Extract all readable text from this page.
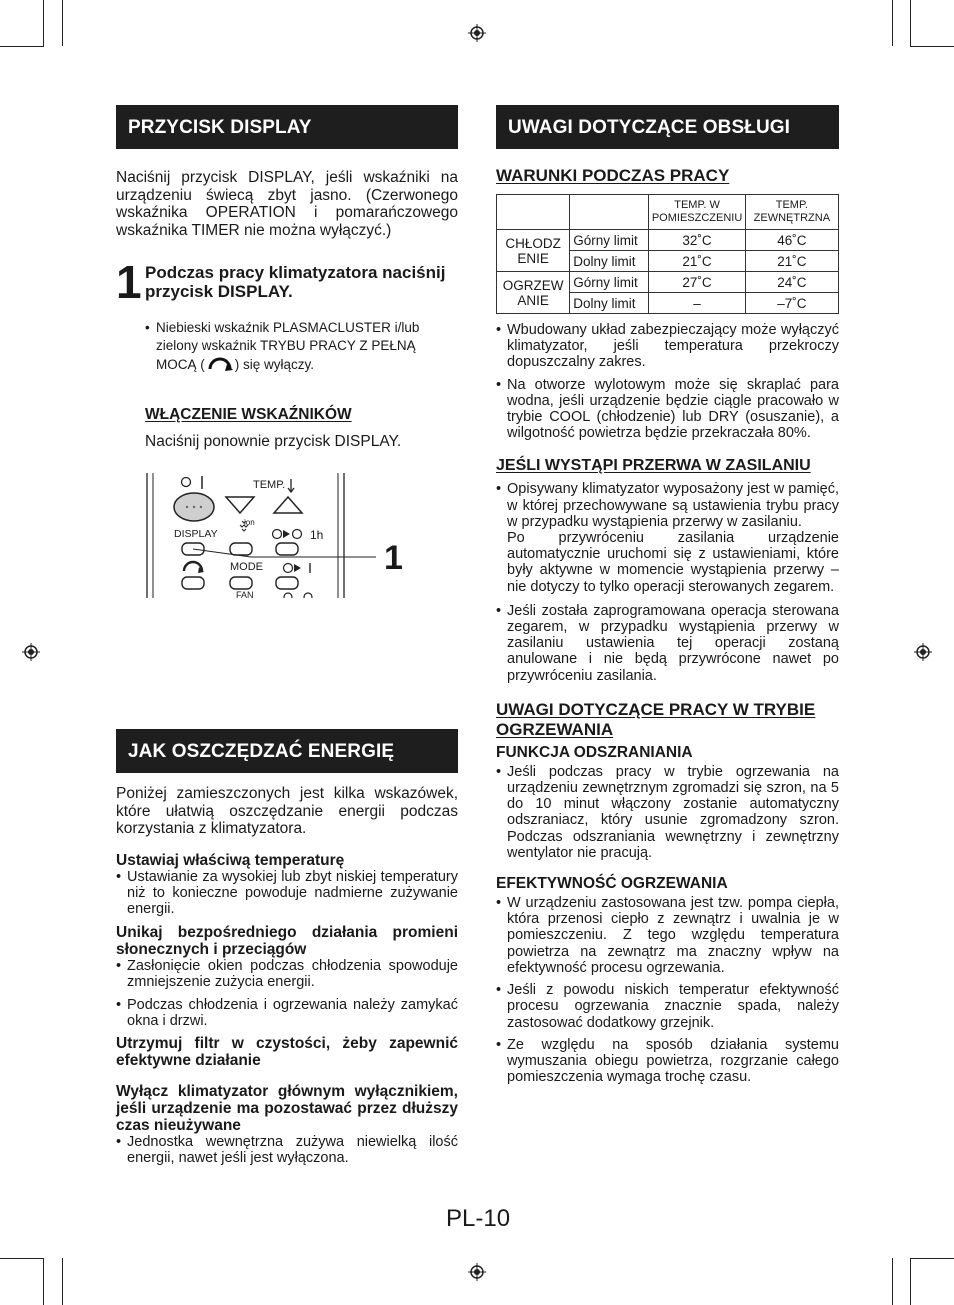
PRZYCISK DISPLAY

Naciśnij przycisk DISPLAY, jeśli wskaźniki na urządzeniu świecą zbyt jasno. (Czerwonego wskaźnika OPERATION i pomarańczowego wskaźnika TIMER nie można wyłączyć.)

1 Podczas pracy klimatyzatora naciśnij przycisk DISPLAY.
• Niebieski wskaźnik PLASMACLUSTER i/lub zielony wskaźnik TRYBU PRACY Z PEŁNĄ MOCĄ ( ) się wyłączy.
WŁĄCZENIE WSKAŹNIKÓW
Naciśnij ponownie przycisk DISPLAY.
TEMP.
DISPLAY
ion
1h
MODE
FAN
1
JAK OSZCZĘDZAĆ ENERGIĘ

Poniżej zamieszczonych jest kilka wskazówek, które ułatwią oszczędzanie energii podczas korzystania z klimatyzatora.

Ustawiaj właściwą temperaturę
• Ustawianie za wysokiej lub zbyt niskiej temperatury niż to konieczne powoduje nadmierne zużywanie energii.
Unikaj bezpośredniego działania promieni słonecznych i przeciągów
• Zasłonięcie okien podczas chłodzenia spowoduje zmniejszenie zużycia energii.
• Podczas chłodzenia i ogrzewania należy zamykać okna i drzwi.
Utrzymuj filtr w czystości, żeby zapewnić efektywne działanie
Wyłącz klimatyzator głównym wyłącznikiem, jeśli urządzenie ma pozostawać przez dłuższy czas nieużywane
• Jednostka wewnętrzna zużywa niewielką ilość energii, nawet jeśli jest wyłączona.
UWAGI DOTYCZĄCE OBSŁUGI
WARUNKI PODCZAS PRACY
		TEMP. W POMIESZCZENIU	TEMP. ZEWNĘTRZNA
CHŁODZENIE	Górny limit	32˚C	46˚C
	Dolny limit	21˚C	21˚C
OGRZEWANIE	Górny limit	27˚C	24˚C
	Dolny limit	–	–7˚C
• Wbudowany układ zabezpieczający może wyłączyć klimatyzator, jeśli temperatura przekroczy dopuszczalny zakres.
• Na otworze wylotowym może się skraplać para wodna, jeśli urządzenie będzie ciągle pracowało w trybie COOL (chłodzenie) lub DRY (osuszanie), a wilgotność powietrza będzie przekraczała 80%.
JEŚLI WYSTĄPI PRZERWA W ZASILANIU
• Opisywany klimatyzator wyposażony jest w pamięć, w której przechowywane są ustawienia trybu pracy w przypadku wystąpienia przerwy w zasilaniu.
Po przywróceniu zasilania urządzenie automatycznie uruchomi się z ustawieniami, które były aktywne w momencie wystąpienia przerwy – nie dotyczy to tylko operacji sterowanych zegarem.
• Jeśli została zaprogramowana operacja sterowana zegarem, w przypadku wystąpienia przerwy w zasilaniu ustawienia tej operacji zostaną anulowane i nie będą przywrócone nawet po przywróceniu zasilania.
UWAGI DOTYCZĄCE PRACY W TRYBIE OGRZEWANIA
FUNKCJA ODSZRANIANIA
• Jeśli podczas pracy w trybie ogrzewania na urządzeniu zewnętrznym zgromadzi się szron, na 5 do 10 minut włączony zostanie automatyczny odszraniacz, który usunie zgromadzony szron. Podczas odszraniania wewnętrzny i zewnętrzny wentylator nie pracują.
EFEKTYWNOŚĆ OGRZEWANIA
• W urządzeniu zastosowana jest tzw. pompa ciepła, która przenosi ciepło z zewnątrz i uwalnia je w pomieszczeniu. Z tego względu temperatura powietrza na zewnątrz ma znaczny wpływ na efektywność procesu ogrzewania.
• Jeśli z powodu niskich temperatur efektywność procesu ogrzewania znacznie spada, należy zastosować dodatkowy grzejnik.
• Ze względu na sposób działania systemu wymuszania obiegu powietrza, rozgrzanie całego pomieszczenia wymaga trochę czasu.
PL-10
